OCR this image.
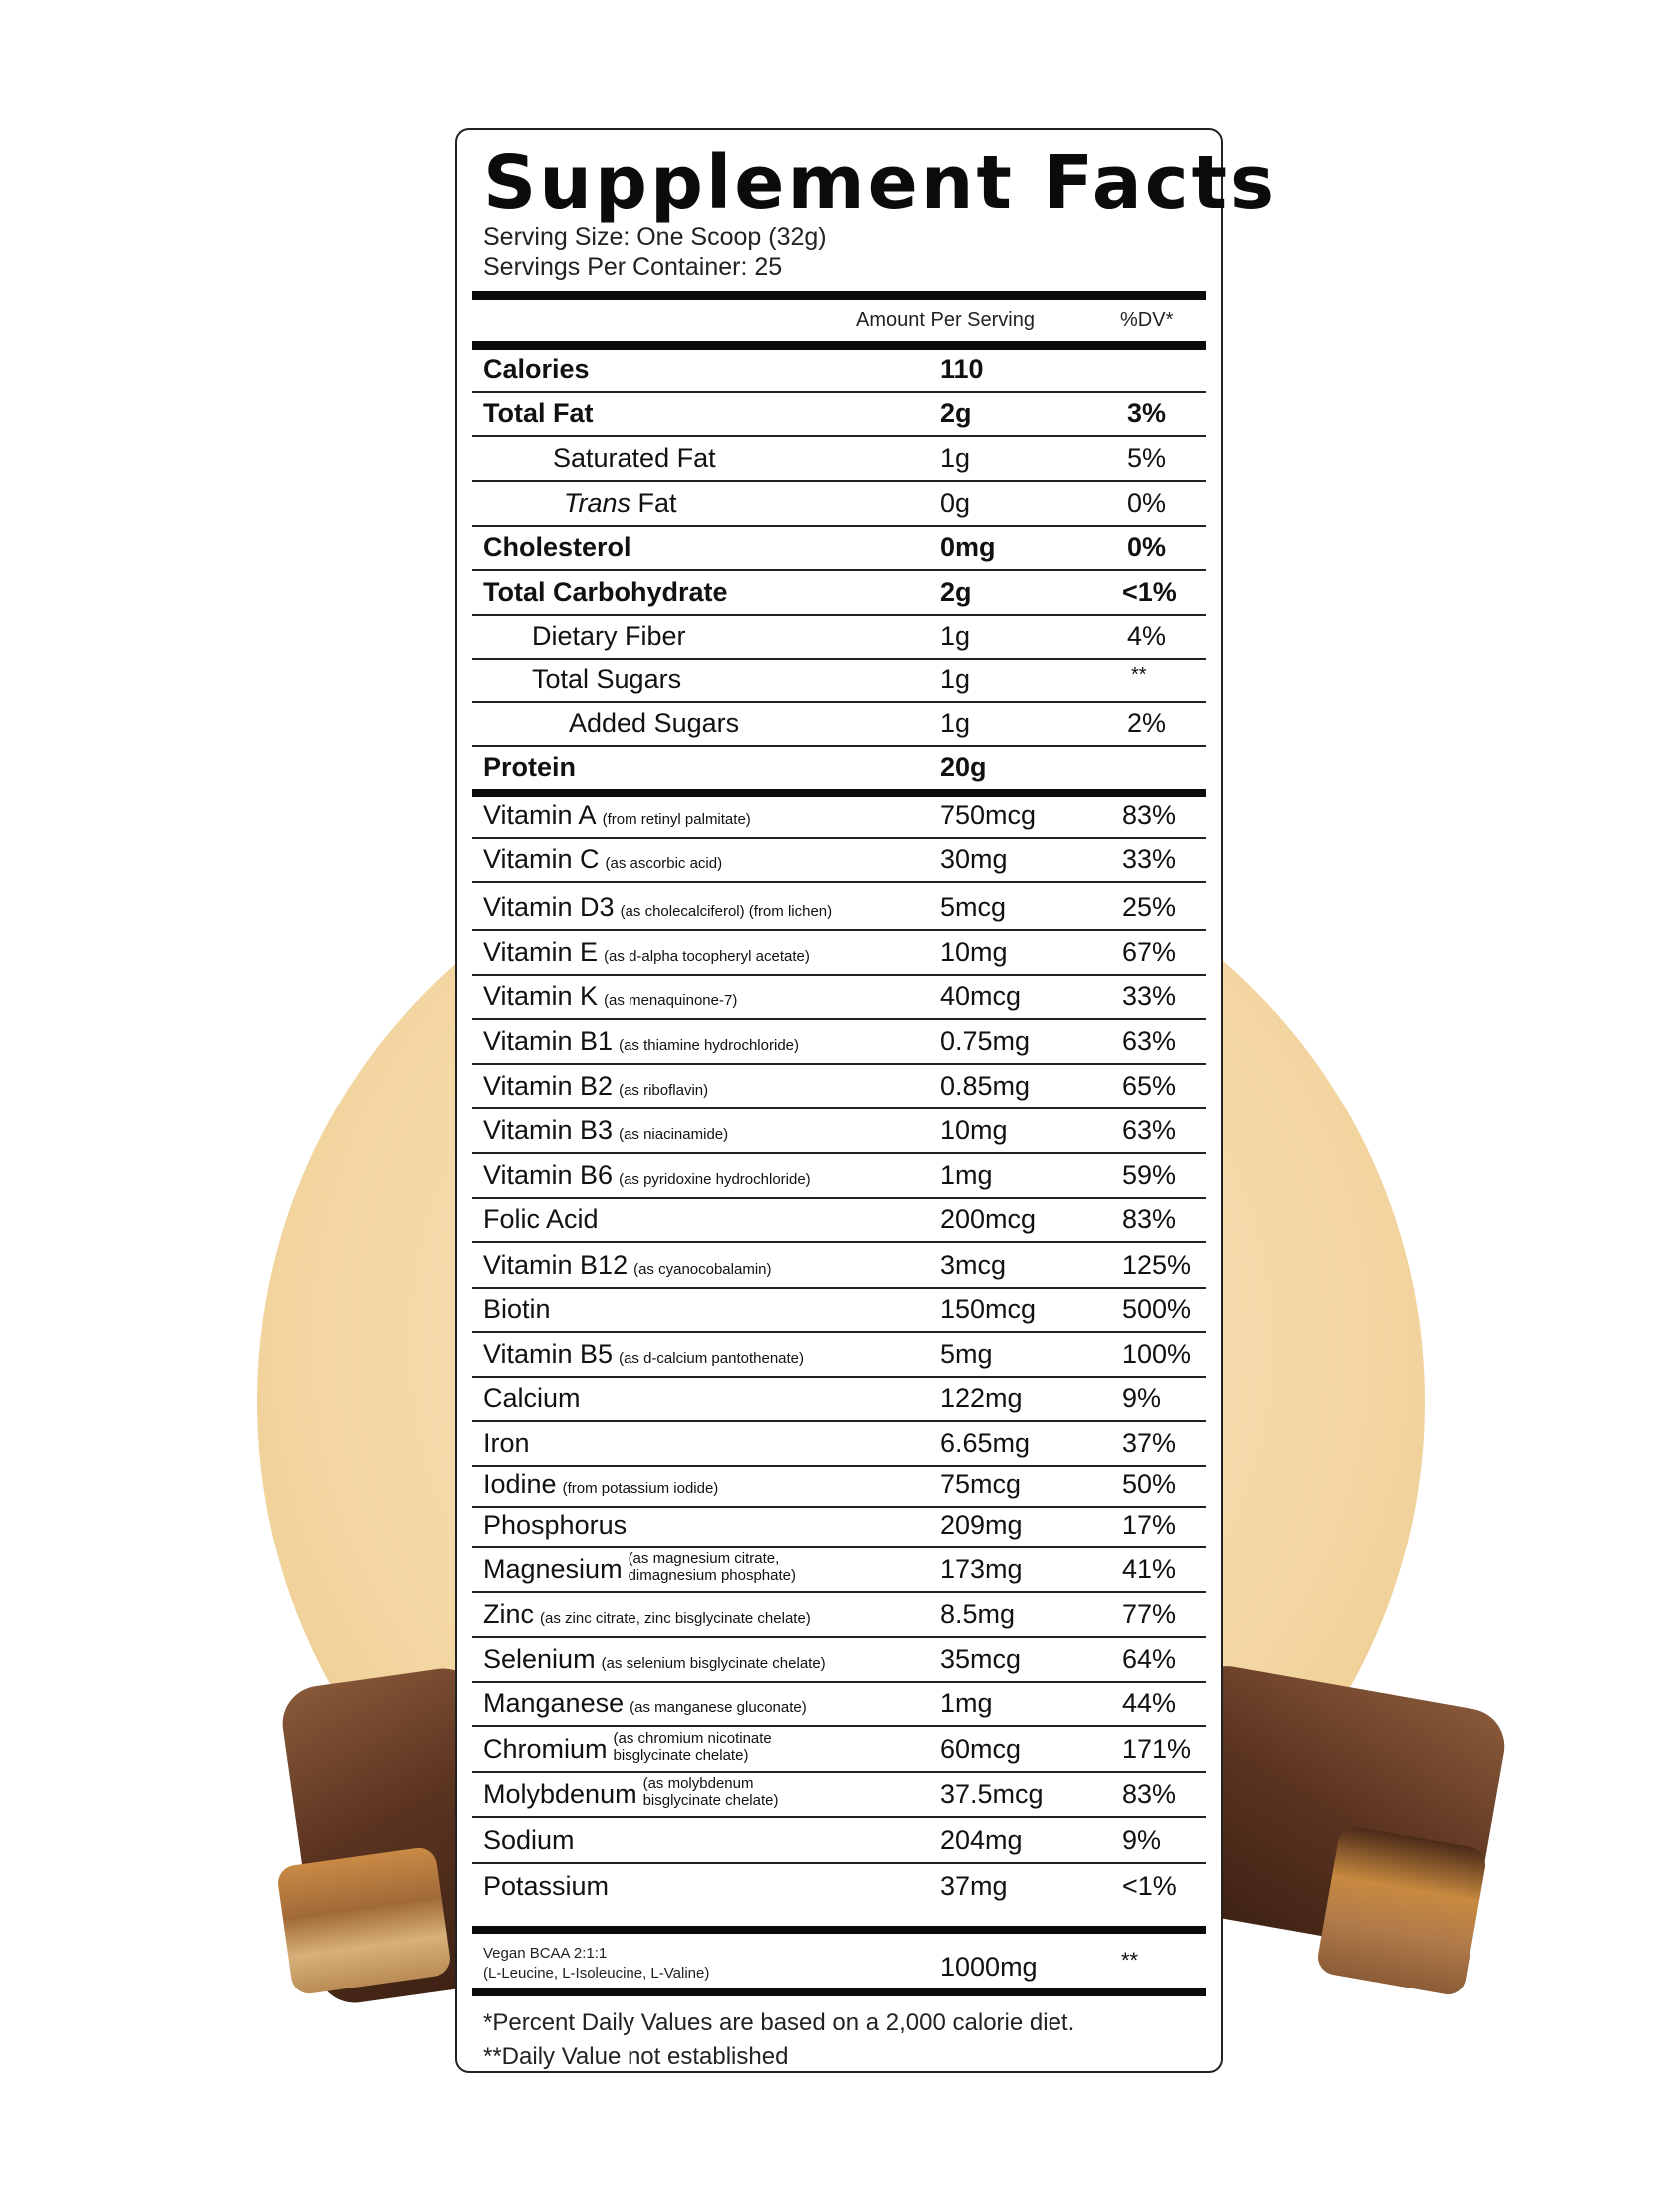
Supplement Facts
Serving Size: One Scoop (32g)
Servings Per Container: 25
Amount Per Serving	%DV*
Calories	110
Total Fat	2g	3%
Saturated Fat	1g	5%
Trans Fat	0g	0%
Cholesterol	0mg	0%
Total Carbohydrate	2g	<1%
Dietary Fiber	1g	4%
Total Sugars	1g	**
Added Sugars	1g	2%
Protein	20g
Vitamin A (from retinyl palmitate)	750mcg	83%
Vitamin C (as ascorbic acid)	30mg	33%
Vitamin D3 (as cholecalciferol) (from lichen)	5mcg	25%
Vitamin E (as d-alpha tocopheryl acetate)	10mg	67%
Vitamin K (as menaquinone-7)	40mcg	33%
Vitamin B1 (as thiamine hydrochloride)	0.75mg	63%
Vitamin B2 (as riboflavin)	0.85mg	65%
Vitamin B3 (as niacinamide)	10mg	63%
Vitamin B6 (as pyridoxine hydrochloride)	1mg	59%
Folic Acid	200mcg	83%
Vitamin B12 (as cyanocobalamin)	3mcg	125%
Biotin	150mcg	500%
Vitamin B5 (as d-calcium pantothenate)	5mg	100%
Calcium	122mg	9%
Iron	6.65mg	37%
Iodine (from potassium iodide)	75mcg	50%
Phosphorus	209mg	17%
Magnesium (as magnesium citrate,
dimagnesium phosphate)	173mg	41%
Zinc (as zinc citrate, zinc bisglycinate chelate)	8.5mg	77%
Selenium (as selenium bisglycinate chelate)	35mcg	64%
Manganese (as manganese gluconate)	1mg	44%
Chromium (as chromium nicotinate
bisglycinate chelate)	60mcg	171%
Molybdenum (as molybdenum
bisglycinate chelate)	37.5mcg	83%
Sodium	204mg	9%
Potassium	37mg	<1%
Vegan BCAA 2:1:1
(L-Leucine, L-Isoleucine, L-Valine)	1000mg	**
*Percent Daily Values are based on a 2,000 calorie diet.
**Daily Value not established
